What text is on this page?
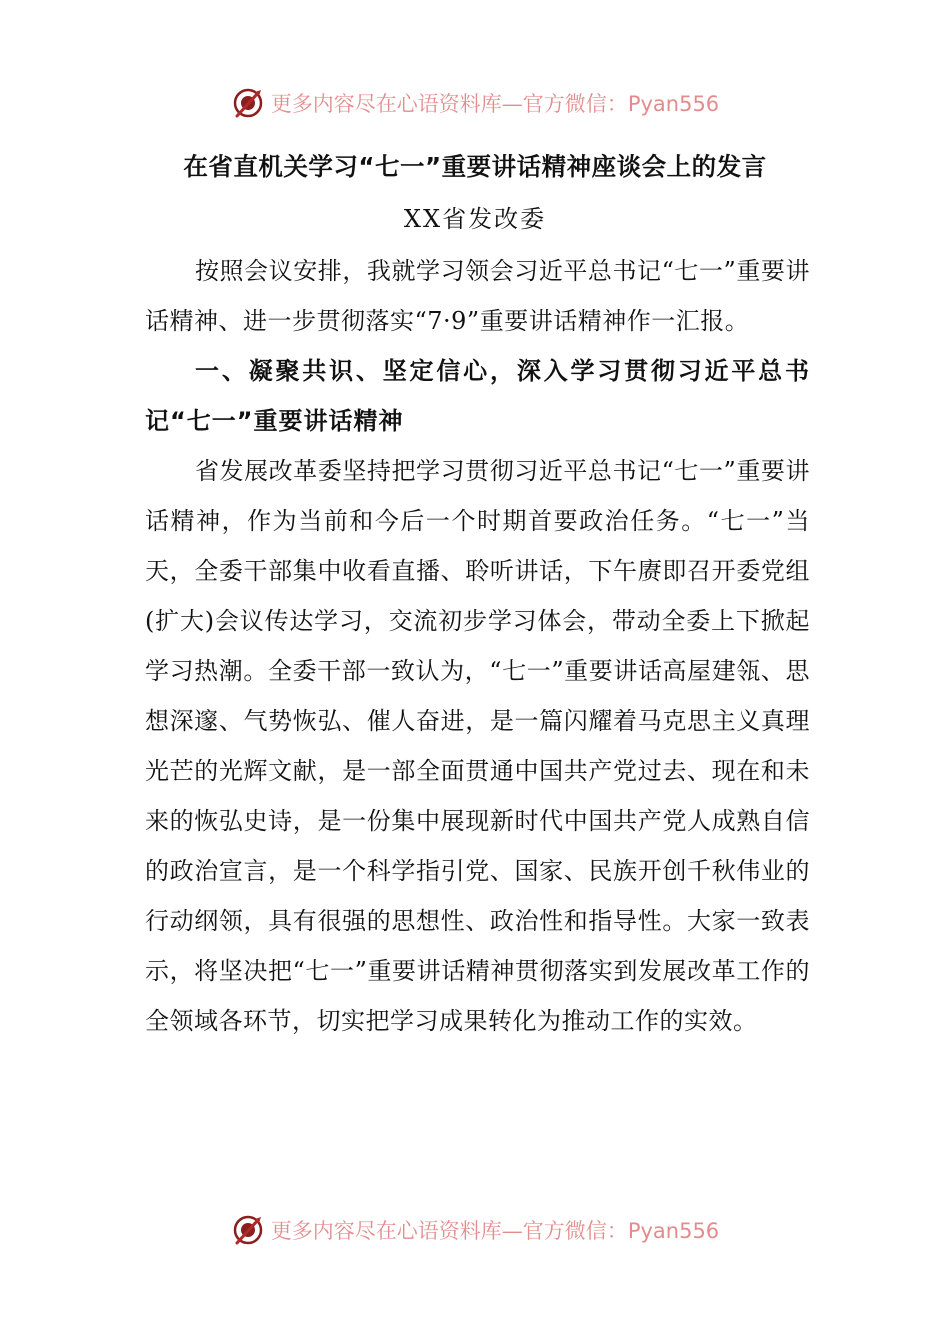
更多内容尽在心语资料库—官方微信：Pyan556
在省直机关学习“七一”重要讲话精神座谈会上的发言
XX省发改委

按照会议安排，我就学习领会习近平总书记“七一”重要讲话精神、进一步贯彻落实“7·9”重要讲话精神作一汇报。

一、凝聚共识、坚定信心，深入学习贯彻习近平总书记“七一”重要讲话精神

省发展改革委坚持把学习贯彻习近平总书记“七一”重要讲话精神，作为当前和今后一个时期首要政治任务。“七一”当天，全委干部集中收看直播、聆听讲话，下午赓即召开委党组(扩大)会议传达学习，交流初步学习体会，带动全委上下掀起学习热潮。全委干部一致认为，“七一”重要讲话高屋建瓴、思想深邃、气势恢弘、催人奋进，是一篇闪耀着马克思主义真理光芒的光辉文献，是一部全面贯通中国共产党过去、现在和未来的恢弘史诗，是一份集中展现新时代中国共产党人成熟自信的政治宣言，是一个科学指引党、国家、民族开创千秋伟业的行动纲领，具有很强的思想性、政治性和指导性。大家一致表示，将坚决把“七一”重要讲话精神贯彻落实到发展改革工作的全领域各环节，切实把学习成果转化为推动工作的实效。

更多内容尽在心语资料库—官方微信：Pyan556
